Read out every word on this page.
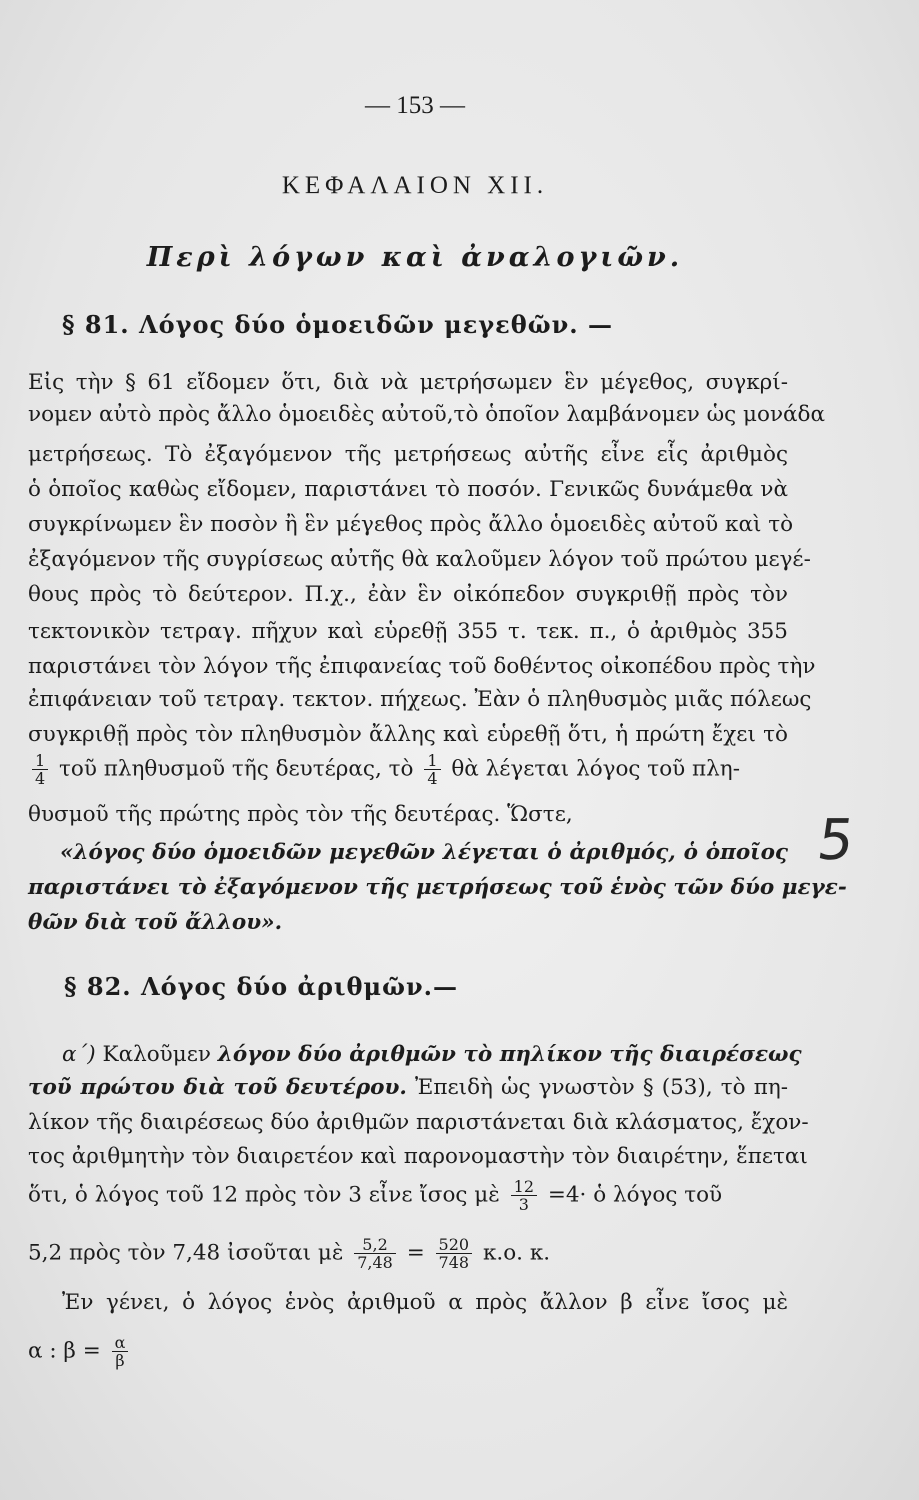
— 153 —
ΚΕΦΑΛΑΙΟΝ ΧΙΙ.
Περὶ λόγων καὶ ἀναλογιῶν.
§ 81. Λόγος δύο ὁμοειδῶν μεγεθῶν. —
Εἰς τὴν § 61 εἴδομεν ὅτι, διὰ νὰ μετρήσωμεν ἓν μέγεθος, συγκρί-
νομεν αὐτὸ πρὸς ἄλλο ὁμοειδὲς αὐτοῦ,τὸ ὁποῖον λαμβάνομεν ὡς μονάδα
μετρήσεως. Τὸ ἐξαγόμενον τῆς μετρήσεως αὐτῆς εἶνε εἷς ἀριθμὸς
ὁ ὁποῖος καθὼς εἴδομεν, παριστάνει τὸ ποσόν. Γενικῶς δυνάμεθα νὰ
συγκρίνωμεν ἓν ποσὸν ἢ ἓν μέγεθος πρὸς ἄλλο ὁμοειδὲς αὐτοῦ καὶ τὸ
ἐξαγόμενον τῆς συγρίσεως αὐτῆς θὰ καλοῦμεν λόγον τοῦ πρώτου μεγέ-
θους πρὸς τὸ δεύτερον. Π.χ., ἐὰν ἓν οἰκόπεδον συγκριθῇ πρὸς τὸν
τεκτονικὸν τετραγ. πῆχυν καὶ εὑρεθῇ 355 τ. τεκ. π., ὁ ἀριθμὸς 355
παριστάνει τὸν λόγον τῆς ἐπιφανείας τοῦ δοθέντος οἰκοπέδου πρὸς τὴν
ἐπιφάνειαν τοῦ τετραγ. τεκτον. πήχεως. Ἐὰν ὁ πληθυσμὸς μιᾶς πόλεως
συγκριθῇ πρὸς τὸν πληθυσμὸν ἄλλης καὶ εὑρεθῇ ὅτι, ἡ πρώτη ἔχει τὸ
$\frac{1}{4}$ τοῦ πληθυσμοῦ τῆς δευτέρας, τὸ $\frac{1}{4}$ θὰ λέγεται λόγος τοῦ πλη-
θυσμοῦ τῆς πρώτης πρὸς τὸν τῆς δευτέρας. Ὥστε,
«λόγος δύο ὁμοειδῶν μεγεθῶν λέγεται ὁ ἀριθμός, ὁ ὁποῖος
παριστάνει τὸ ἐξαγόμενον τῆς μετρήσεως τοῦ ἑνὸς τῶν δύο μεγε-
θῶν διὰ τοῦ ἄλλου».
5
§ 82. Λόγος δύο ἀριθμῶν.—
α΄) Καλοῦμεν λόγον δύο ἀριθμῶν τὸ πηλίκον τῆς διαιρέσεως
τοῦ πρώτου διὰ τοῦ δευτέρου. Ἐπειδὴ ὡς γνωστὸν § (53), τὸ πη-
λίκον τῆς διαιρέσεως δύο ἀριθμῶν παριστάνεται διὰ κλάσματος, ἔχον-
τος ἀριθμητὴν τὸν διαιρετέον καὶ παρονομαστὴν τὸν διαιρέτην, ἕπεται
ὅτι, ὁ λόγος τοῦ 12 πρὸς τὸν 3 εἶνε ἴσος μὲ $\frac{12}{3} =4\cdot$ ὁ λόγος τοῦ
5,2 πρὸς τὸν 7,48 ἰσοῦται μὲ $\frac{5,2}{7,48} = \frac{520}{748} \kappa.o$. κ.
Ἐν γένει, ὁ λόγος ἑνὸς ἀριθμοῦ α πρὸς ἄλλον β εἶνε ἴσος μὲ
α : $\beta = \frac{\alpha}{\beta}$
